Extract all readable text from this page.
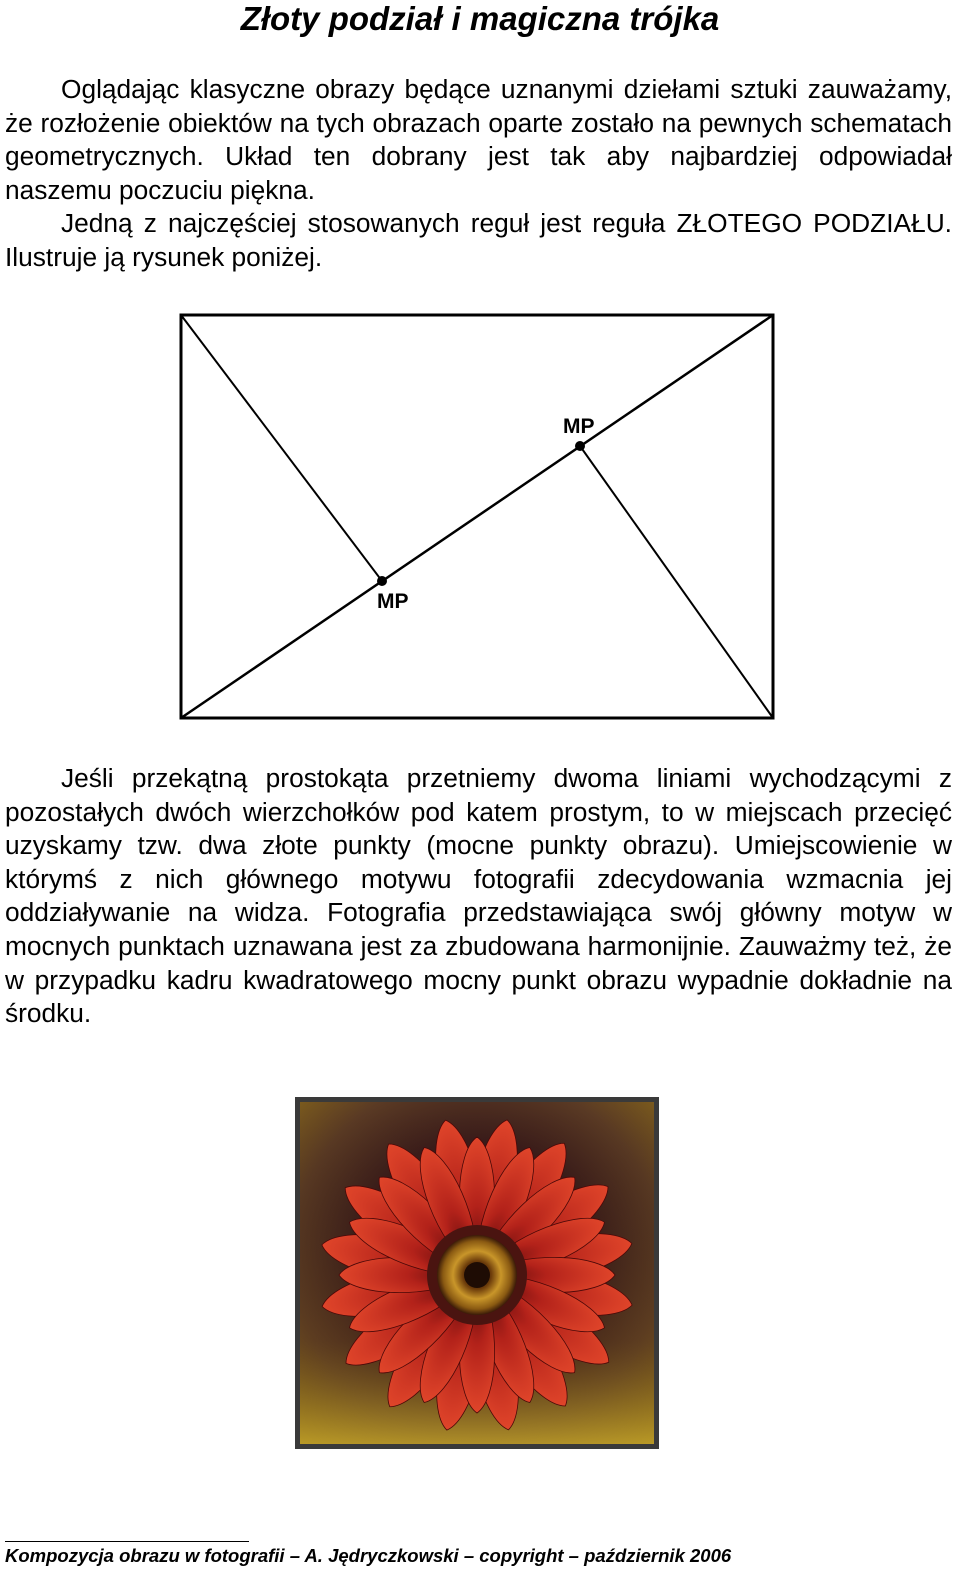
Złoty podział i magiczna trójka

Oglądając klasyczne obrazy będące uznanymi dziełami sztuki zauważamy, że rozłożenie obiektów na tych obrazach oparte zostało na pewnych schematach geometrycznych. Układ ten dobrany jest tak aby najbardziej odpowiadał naszemu poczuciu piękna.

Jedną z najczęściej stosowanych reguł jest reguła ZŁOTEGO PODZIAŁU. Ilustruje ją rysunek poniżej.

MP
MP

Jeśli przekątną prostokąta przetniemy dwoma liniami wychodzącymi z pozostałych dwóch wierzchołków pod katem prostym, to w miejscach przecięć uzyskamy tzw. dwa złote punkty (mocne punkty obrazu). Umiejscowienie w którymś z nich głównego motywu fotografii zdecydowania wzmacnia jej oddziaływanie na widza. Fotografia przedstawiająca swój główny motyw w mocnych punktach uznawana jest za zbudowana harmonijnie. Zauważmy też, że w przypadku kadru kwadratowego mocny punkt obrazu wypadnie dokładnie na środku.

Kompozycja obrazu w fotografii – A. Jędryczkowski – copyright – październik 2006
